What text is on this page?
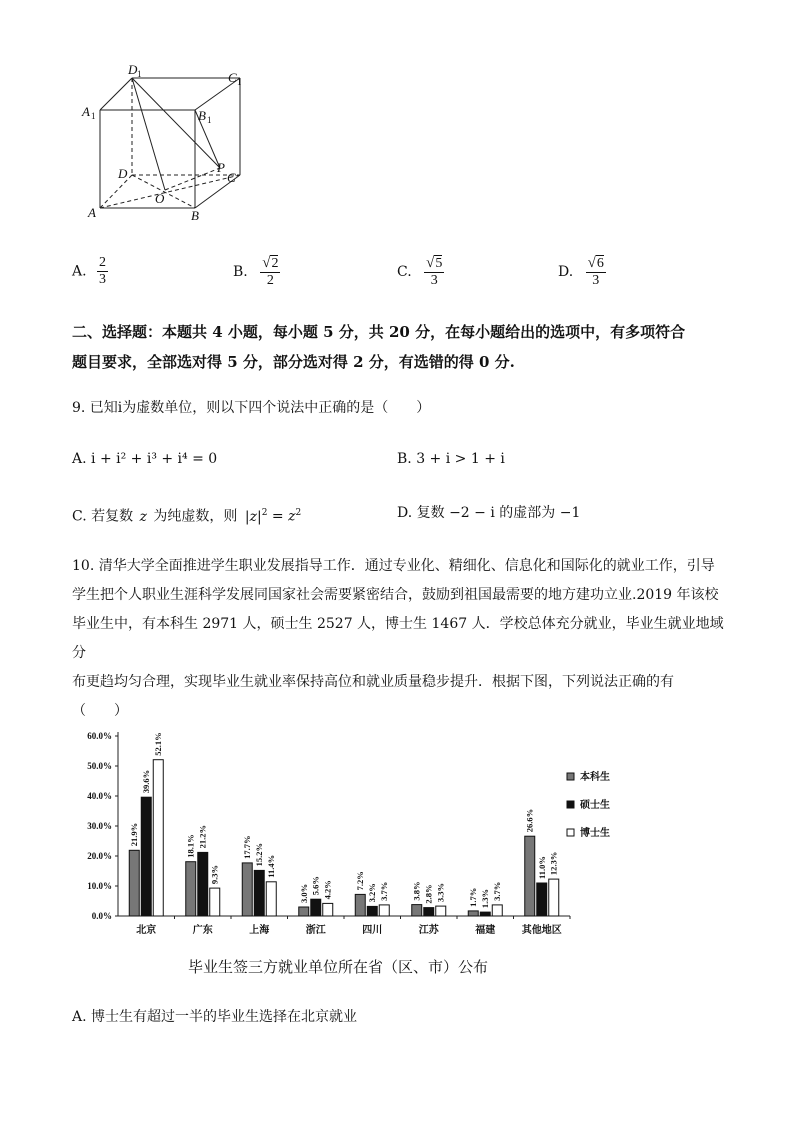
D 1	C 1
A 1	B 1
D	C
A	B
O
P
A. $\frac{2}{3}$	B. $\frac{√2}{2}$	C. $\frac{√5}{3}$	D. $\frac{√6}{3}$
二、选择题：本题共 4 小题，每小题 5 分，共 20 分，在每小题给出的选项中，有多项符合
题目要求，全部选对得 5 分，部分选对得 2 分，有选错的得 0 分.
9. 已知i为虚数单位，则以下四个说法中正确的是（　　）
A. i + i² + i³ + i⁴ = 0	B. 3 + i > 1 + i
C. 若复数 z 为纯虚数，则 $|z|^2 = z^2$	D. 复数 −2 − i 的虚部为 −1
10. 清华大学全面推进学生职业发展指导工作．通过专业化、精细化、信息化和国际化的就业工作，引导
学生把个人职业生涯科学发展同国家社会需要紧密结合，鼓励到祖国最需要的地方建功立业.2019 年该校
毕业生中，有本科生 2971 人，硕士生 2527 人，博士生 1467 人．学校总体充分就业，毕业生就业地域分
布更趋均匀合理，实现毕业生就业率保持高位和就业质量稳步提升．根据下图，下列说法正确的有
（　　）
0.0%
10.0%
20.0%
30.0%
40.0%
50.0%
60.0%
21.9%
39.6%
52.1%
北京
18.1% 21.2%
9.3%
广东
17.7% 15.2% 11.4%
上海
3.0% 5.6% 4.2%
浙江
7.2%
3.2% 3.7%
四川
3.8% 2.8% 3.3%
江苏
1.7% 1.3% 3.7%
福建
26.6%
11.0% 12.3%
其他地区
本科生
硕士生
博士生
毕业生签三方就业单位所在省（区、市）公布
A. 博士生有超过一半的毕业生选择在北京就业
